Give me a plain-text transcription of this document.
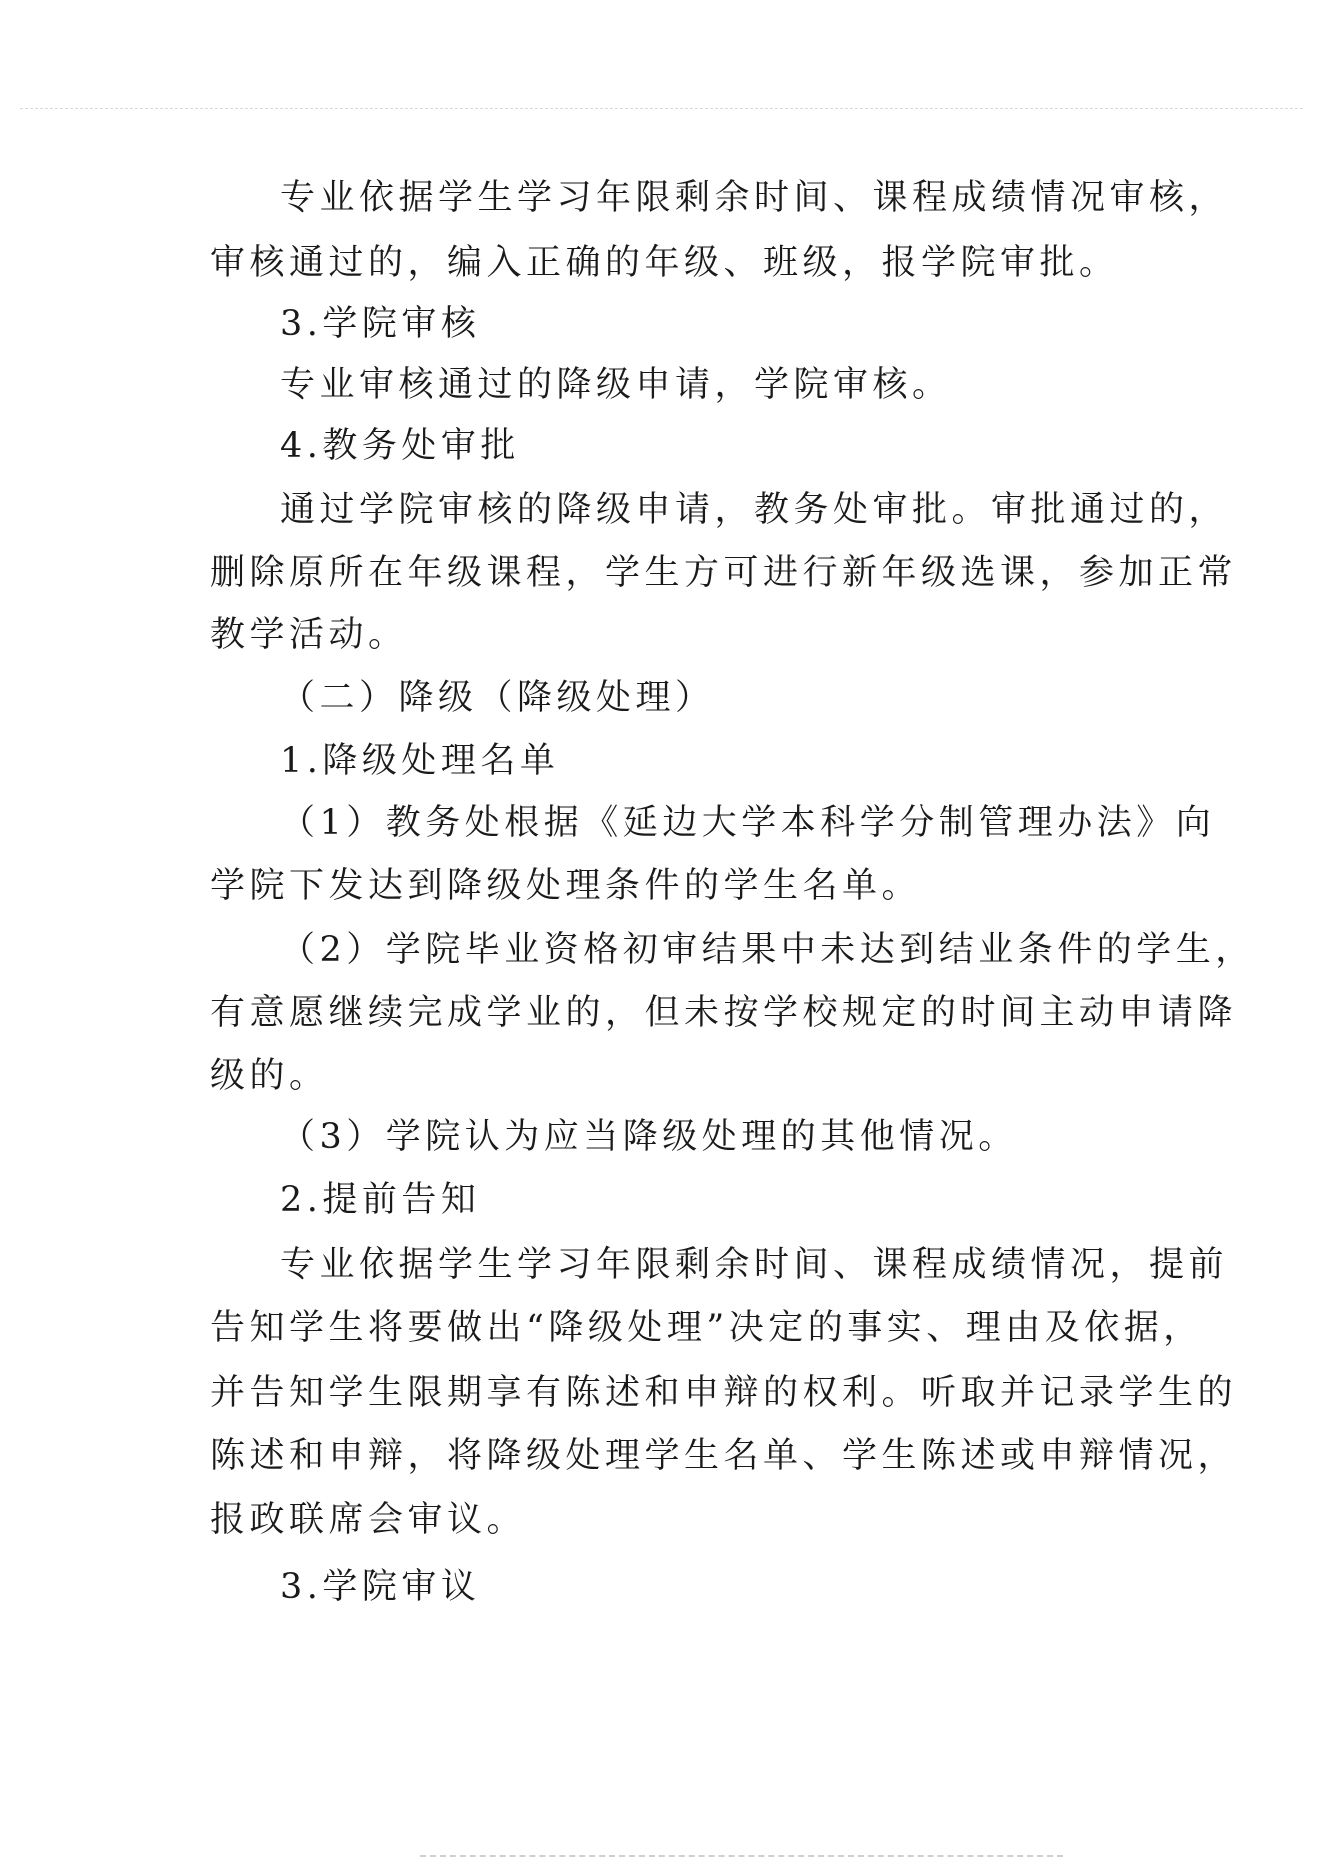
专业依据学生学习年限剩余时间、课程成绩情况审核，
审核通过的，编入正确的年级、班级，报学院审批。
3.学院审核
专业审核通过的降级申请，学院审核。
4.教务处审批
通过学院审核的降级申请，教务处审批。审批通过的，
删除原所在年级课程，学生方可进行新年级选课，参加正常
教学活动。
（二）降级（降级处理）
1.降级处理名单
（1）教务处根据《延边大学本科学分制管理办法》向
学院下发达到降级处理条件的学生名单。
（2）学院毕业资格初审结果中未达到结业条件的学生，
有意愿继续完成学业的，但未按学校规定的时间主动申请降
级的。
（3）学院认为应当降级处理的其他情况。
2.提前告知
专业依据学生学习年限剩余时间、课程成绩情况，提前
告知学生将要做出“降级处理”决定的事实、理由及依据，
并告知学生限期享有陈述和申辩的权利。听取并记录学生的
陈述和申辩，将降级处理学生名单、学生陈述或申辩情况，
报政联席会审议。
3.学院审议
